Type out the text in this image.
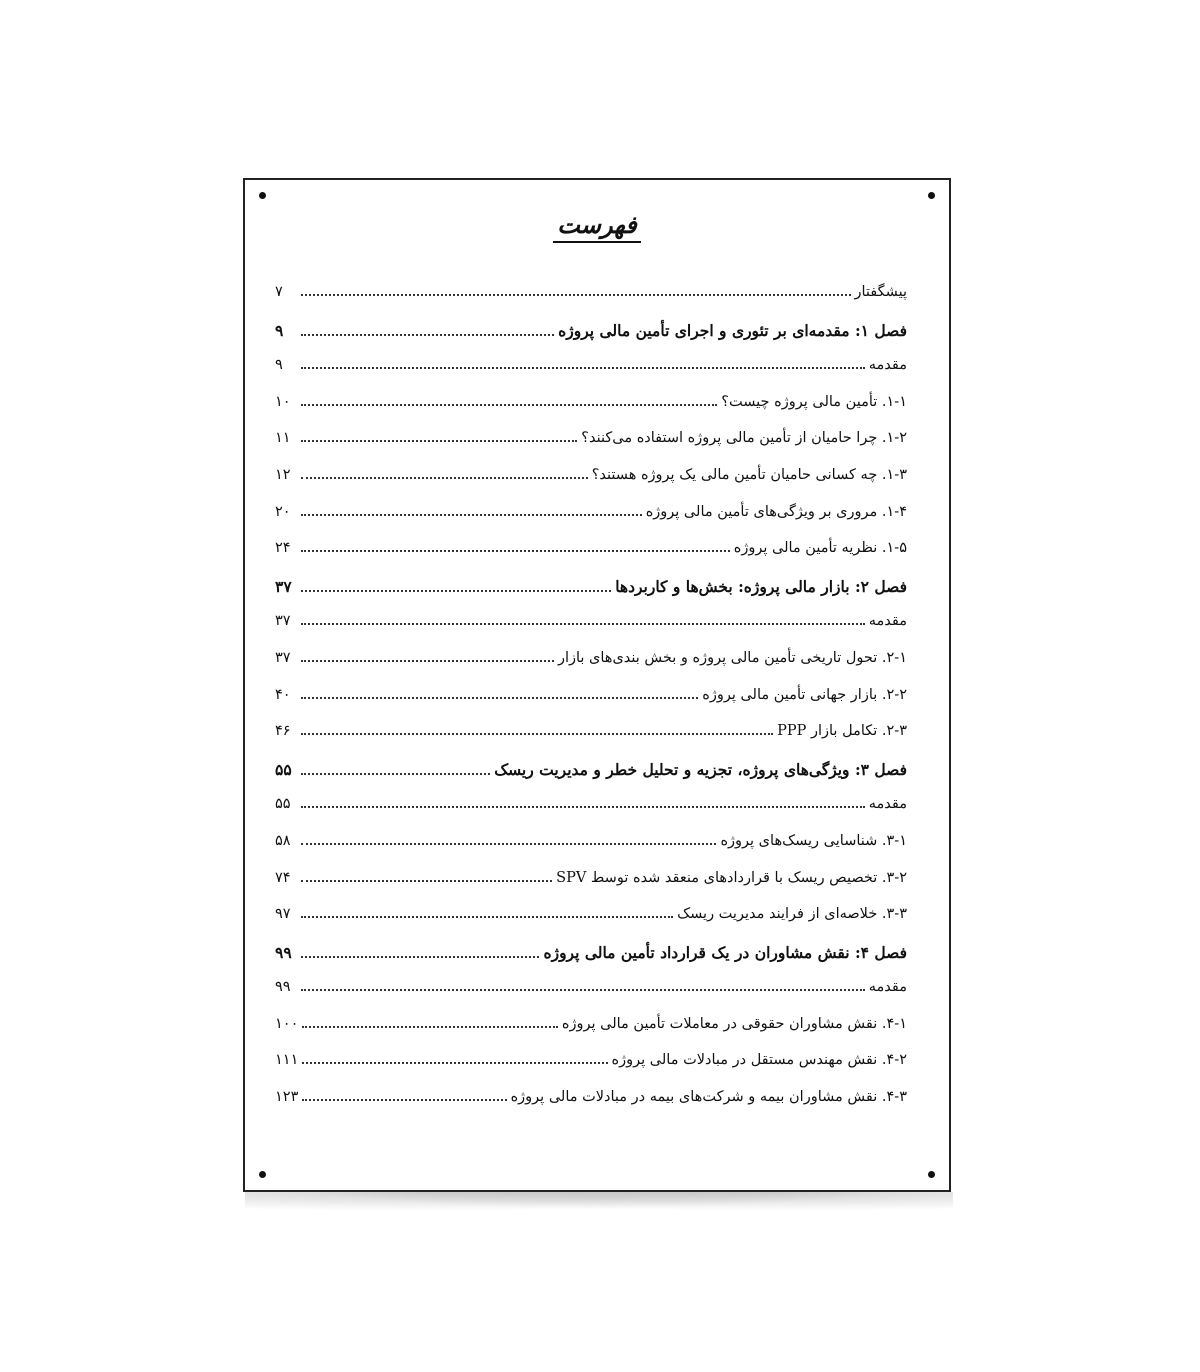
فهرست
پیشگفتار
۷
فصل ۱: مقدمه‌ای بر تئوری و اجرای تأمین مالی پروژه
۹
مقدمه
۹
۱-۱. تأمین مالی پروژه چیست؟
۱۰
۱-۲. چرا حامیان از تأمین مالی پروژه استفاده می‌کنند؟
۱۱
۱-۳. چه کسانی حامیان تأمین مالی یک پروژه هستند؟
۱۲
۱-۴. مروری بر ویژگی‌های تأمین مالی پروژه
۲۰
۱-۵. نظریه تأمین مالی پروژه
۲۴
فصل ۲: بازار مالی پروژه: بخش‌ها و کاربردها
۳۷
مقدمه
۳۷
۲-۱. تحول تاریخی تأمین مالی پروژه و بخش بندی‌های بازار
۳۷
۲-۲. بازار جهانی تأمین مالی پروژه
۴۰
۲-۳. تکامل بازار PPP
۴۶
فصل ۳: ویژگی‌های پروژه، تجزیه و تحلیل خطر و مدیریت ریسک
۵۵
مقدمه
۵۵
۳-۱. شناسایی ریسک‌های پروژه
۵۸
۳-۲. تخصیص ریسک با قراردادهای منعقد شده توسط SPV
۷۴
۳-۳. خلاصه‌ای از فرایند مدیریت ریسک
۹۷
فصل ۴: نقش مشاوران در یک قرارداد تأمین مالی پروژه
۹۹
مقدمه
۹۹
۴-۱. نقش مشاوران حقوقی در معاملات تأمین مالی پروژه
۱۰۰
۴-۲. نقش مهندس مستقل در مبادلات مالی پروژه
۱۱۱
۴-۳. نقش مشاوران بیمه و شرکت‌های بیمه در مبادلات مالی پروژه
۱۲۳
